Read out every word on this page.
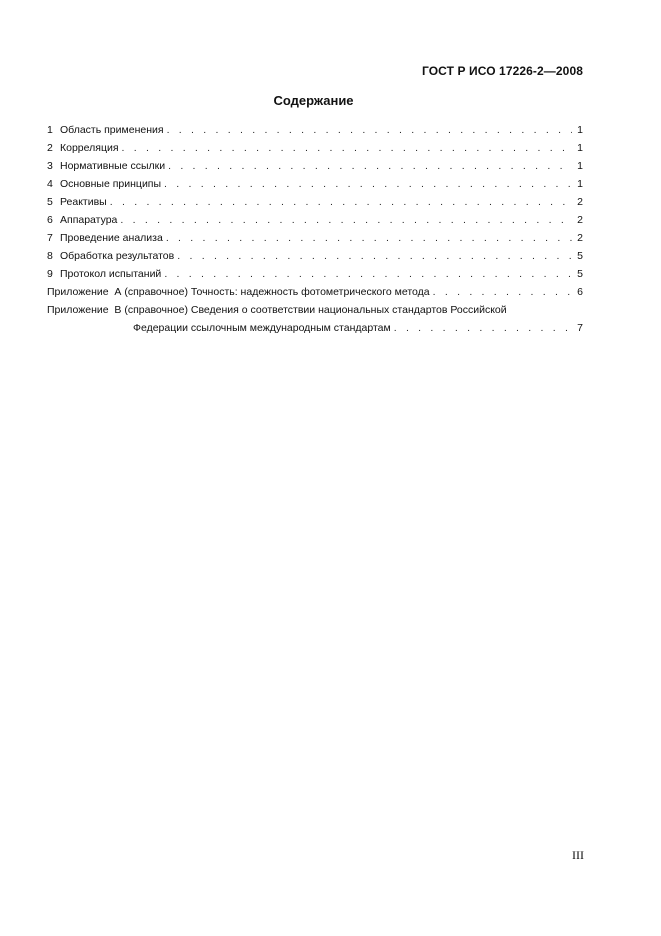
ГОСТ Р ИСО 17226-2—2008
Содержание
1 Область применения . . .	1
2 Корреляция . . .	1
3 Нормативные ссылки . . .	1
4 Основные принципы . . .	1
5 Реактивы . . .	2
6 Аппаратура . . .	2
7 Проведение анализа . . .	2
8 Обработка результатов . . .	5
9 Протокол испытаний . . .	5
Приложение  А (справочное) Точность: надежность фотометрического метода . . .	6
Приложение  В (справочное) Сведения о соответствии национальных стандартов Российской
Федерации ссылочным международным стандартам . . .	7
III
